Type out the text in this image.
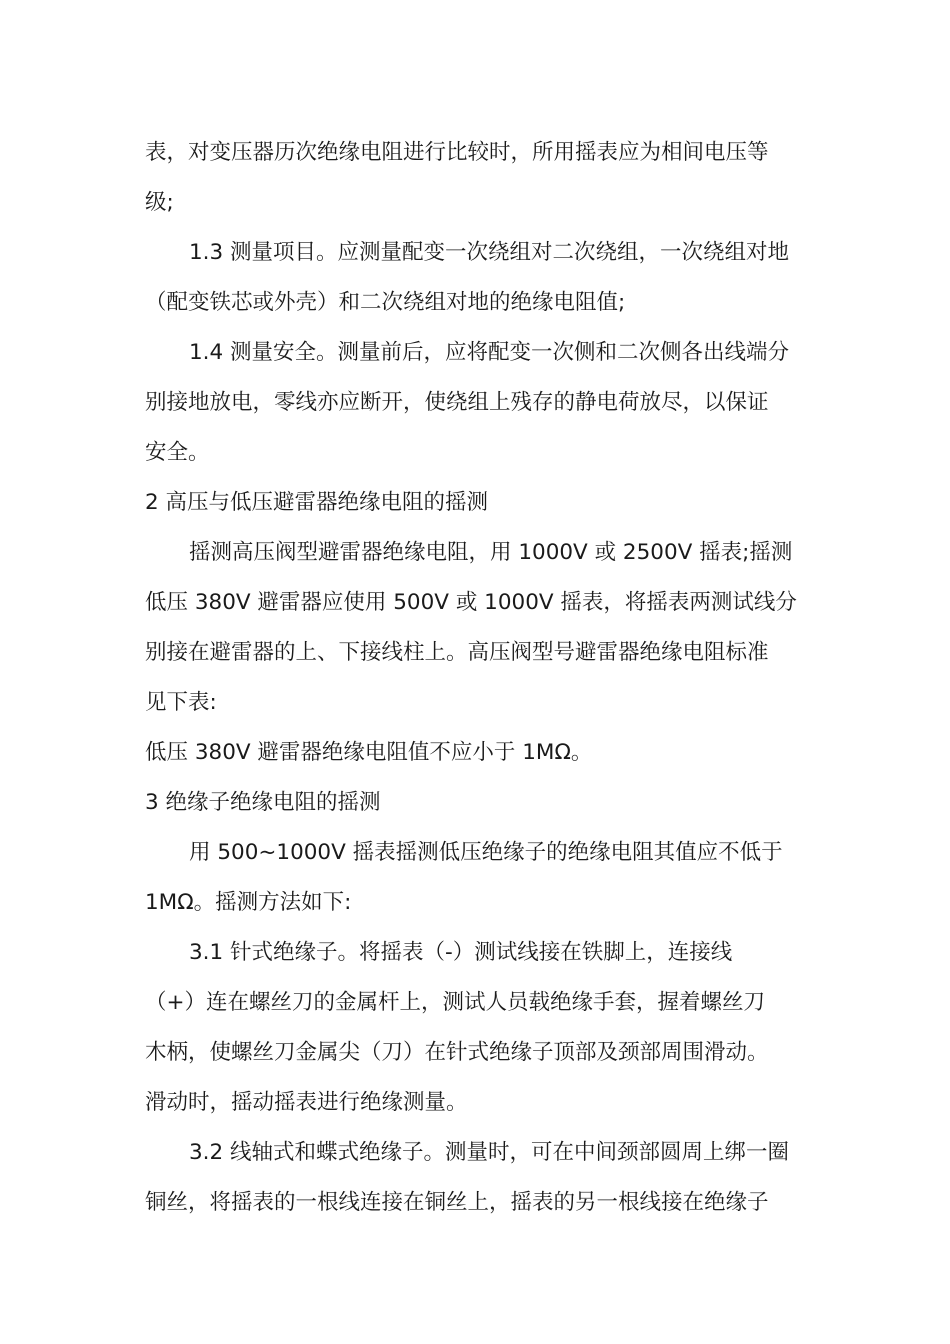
表，对变压器历次绝缘电阻进行比较时，所用摇表应为相间电压等

级;

1.3 测量项目。应测量配变一次绕组对二次绕组，一次绕组对地

（配变铁芯或外壳）和二次绕组对地的绝缘电阻值;

1.4 测量安全。测量前后，应将配变一次侧和二次侧各出线端分

别接地放电，零线亦应断开，使绕组上残存的静电荷放尽，以保证

安全。

2 高压与低压避雷器绝缘电阻的摇测

摇测高压阀型避雷器绝缘电阻，用 1000V 或 2500V 摇表;摇测

低压 380V 避雷器应使用 500V 或 1000V 摇表，将摇表两测试线分

别接在避雷器的上、下接线柱上。高压阀型号避雷器绝缘电阻标准

见下表:

低压 380V 避雷器绝缘电阻值不应小于 1MΩ。

3 绝缘子绝缘电阻的摇测

用 500~1000V 摇表摇测低压绝缘子的绝缘电阻其值应不低于

1MΩ。摇测方法如下:

3.1 针式绝缘子。将摇表（-）测试线接在铁脚上，连接线

（+）连在螺丝刀的金属杆上，测试人员载绝缘手套，握着螺丝刀

木柄，使螺丝刀金属尖（刀）在针式绝缘子顶部及颈部周围滑动。

滑动时，摇动摇表进行绝缘测量。

3.2 线轴式和蝶式绝缘子。测量时，可在中间颈部圆周上绑一圈

铜丝，将摇表的一根线连接在铜丝上，摇表的另一根线接在绝缘子
